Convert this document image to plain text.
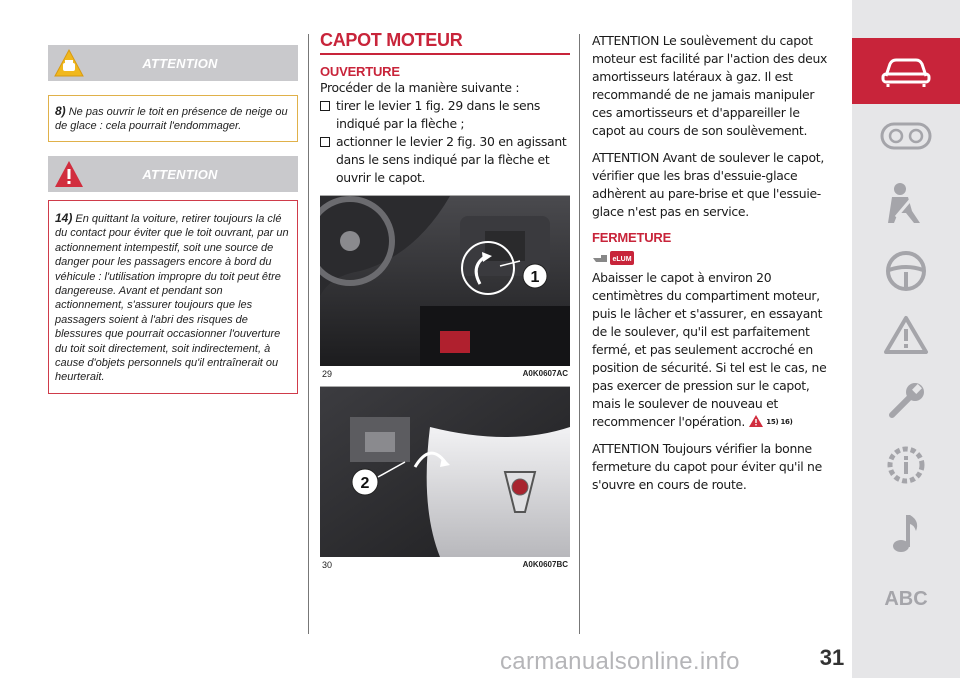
ATTENTION
8) Ne pas ouvrir le toit en présence de neige ou de glace : cela pourrait l'endommager.
ATTENTION
14) En quittant la voiture, retirer toujours la clé du contact pour éviter que le toit ouvrant, par un actionnement intempestif, soit une source de danger pour les passagers encore à bord du véhicule : l'utilisation impropre du toit peut être dangereuse. Avant et pendant son actionnement, s'assurer toujours que les passagers soient à l'abri des risques de blessures que pourrait occasionner l'ouverture du toit soit directement, soit indirectement, à cause d'objets personnels qu'il entraînerait ou heurterait.
CAPOT MOTEUR
OUVERTURE
Procéder de la manière suivante :
tirer le levier 1 fig. 29 dans le sens indiqué par la flèche ;
actionner le levier 2 fig. 30 en agissant dans le sens indiqué par la flèche et ouvrir le capot.
1
29	A0K0607AC
2
30	A0K0607BC

ATTENTION Le soulèvement du capot moteur est facilité par l'action des deux amortisseurs latéraux à gaz. Il est recommandé de ne jamais manipuler ces amortisseurs et d'appareiller le capot au cours de son soulèvement.

ATTENTION Avant de soulever le capot, vérifier que les bras d'essuie-glace adhèrent au pare-brise et que l'essuie-glace n'est pas en service.

FERMETURE
eLUM

Abaisser le capot à environ 20 centimètres du compartiment moteur, puis le lâcher et s'assurer, en essayant de le soulever, qu'il est parfaitement fermé, et pas seulement accroché en position de sécurité. Si tel est le cas, ne pas exercer de pression sur le capot, mais le soulever de nouveau et recommencer l'opération.	15) 16)

ATTENTION Toujours vérifier la bonne fermeture du capot pour éviter qu'il ne s'ouvre en cours de route.

ABC
carmanualsonline.info	31
